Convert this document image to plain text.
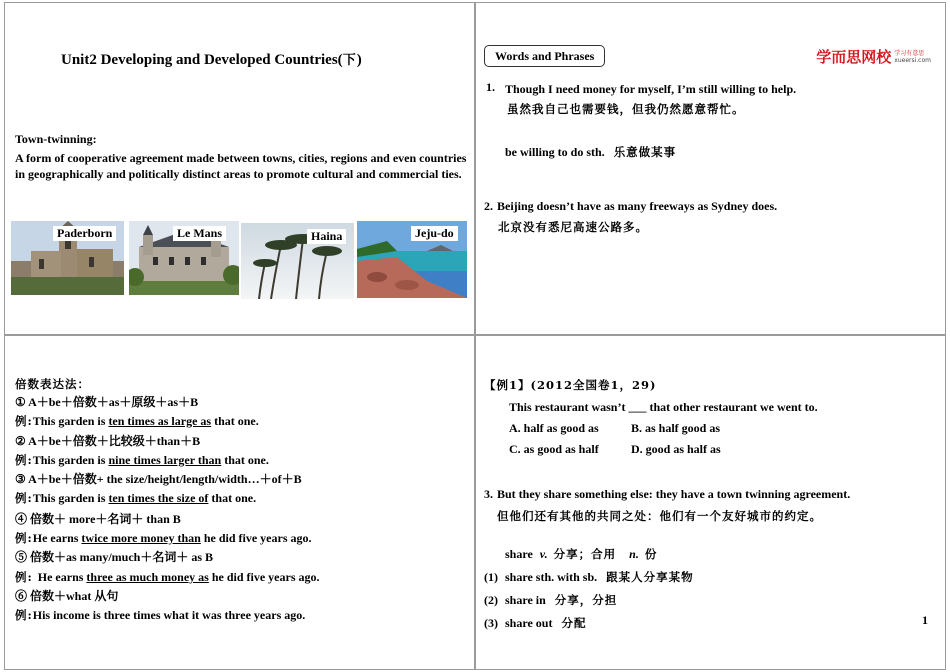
Unit2 Developing and Developed Countries(下)
Town-twinning:
A form of cooperative agreement made between towns, cities, regions and even countries in geographically and politically distinct areas to promote cultural and commercial ties.
Paderborn	Le Mans	Haina	Jeju-do
Words and Phrases	学而思网校 学习有意思
xueersi.com
1. Though I need money for myself, I’m still willing to help.
虽然我自己也需要钱，但我仍然愿意帮忙。
be willing to do sth. 乐意做某事
2. Beijing doesn’t have as many freeways as Sydney does.
北京没有悉尼高速公路多。
倍数表达法：
① A＋be＋倍数＋as＋原级＋as＋B
例:This garden is ten times as large as that one.
② A＋be＋倍数＋比较级＋than＋B
例:This garden is nine times larger than that one.
③ A＋be＋倍数+ the size/height/length/width…＋of＋B
例:This garden is ten times the size of that one.
④ 倍数＋ more＋名词＋ than B
例:He earns twice more money than he did five years ago.
⑤ 倍数＋as many/much＋名词＋ as B
例: He earns three as much money as he did five years ago.
⑥ 倍数＋what 从句
例:His income is three times what it was three years ago.
【例1】(2012全国卷1，29)
This restaurant wasn’t ___ that other restaurant we went to.
A. half as good as	B. as half good as
C. as good as half	D. good as half as
3. But they share something else: they have a town twinning agreement.
但他们还有其他的共同之处：他们有一个友好城市的约定。
share v. 分享；合用 n. 份
(1) share sth. with sb. 跟某人分享某物
(2) share in 分享，分担
(3) share out 分配	1
